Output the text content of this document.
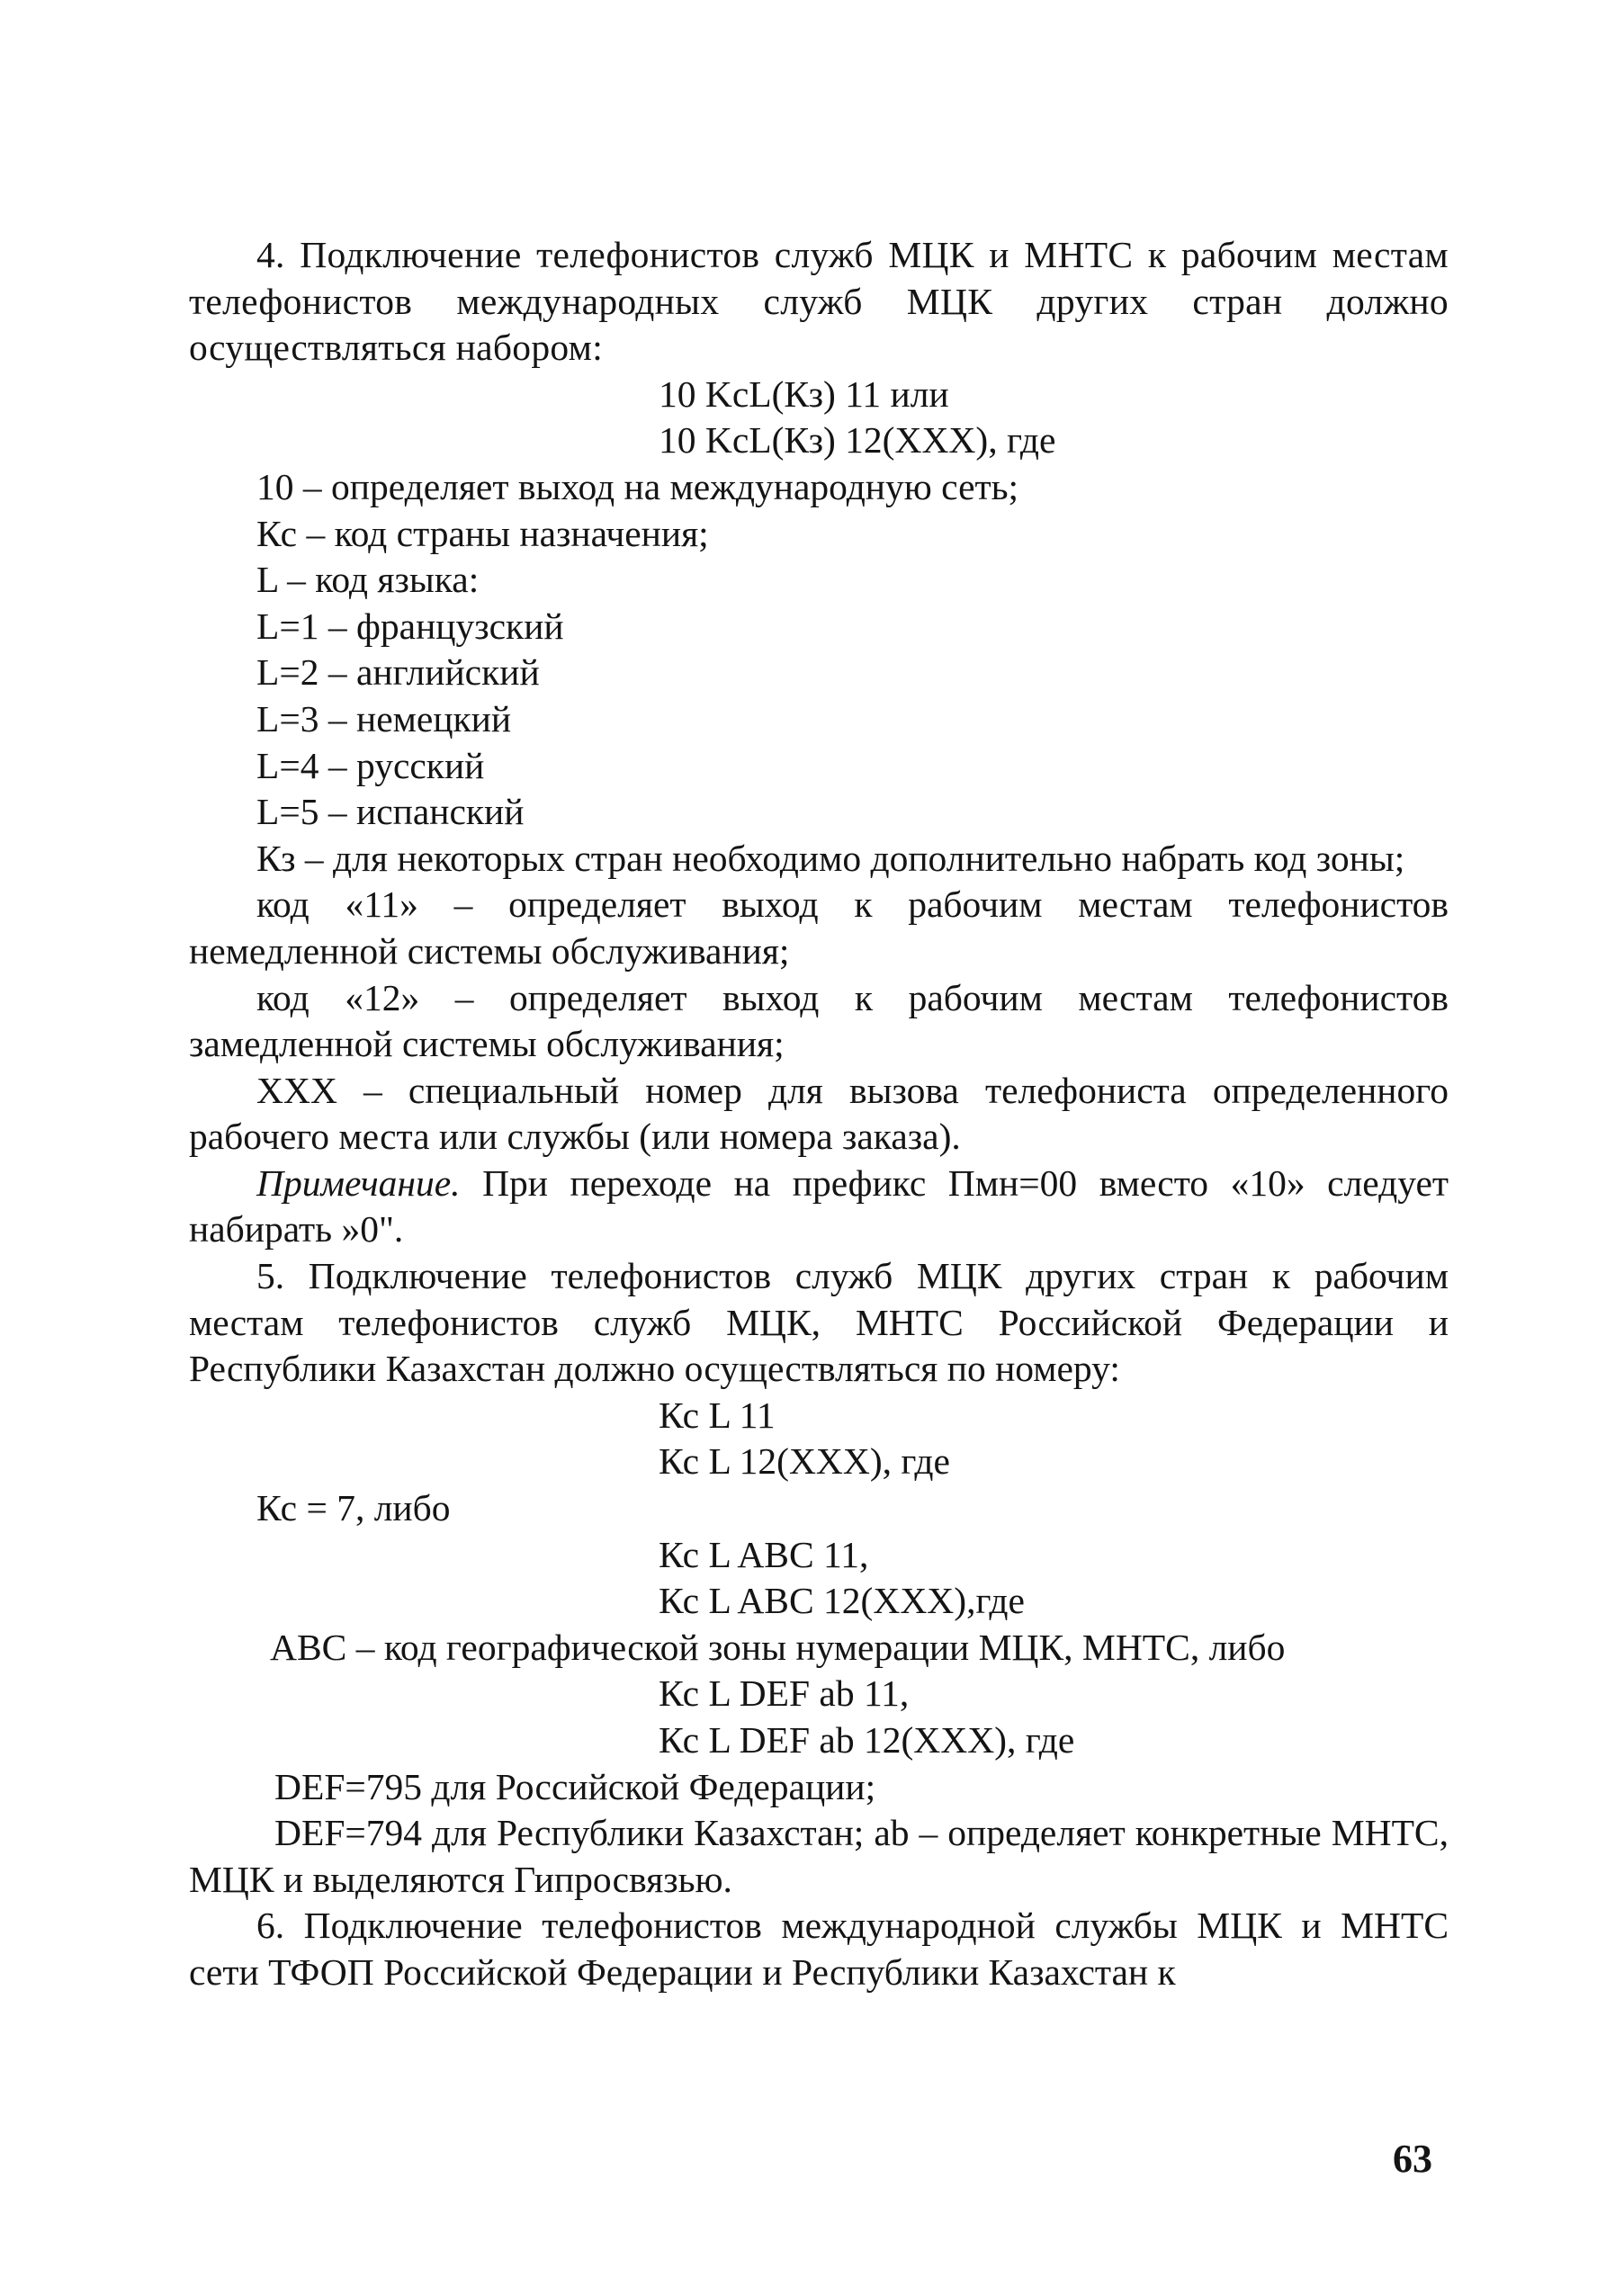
4. Подключение телефонистов служб МЦК и МНТС к рабочим местам телефонистов международных служб МЦК других стран должно осуществляться набором:

10 KcL(Кз) 11 или

10 KcL(Кз) 12(XXX), где

10 – определяет выход на международную сеть;

Кс – код страны назначения;

L – код языка:

L=1 – французский

L=2 – английский

L=3 – немецкий

L=4 – русский

L=5 – испанский

Кз – для некоторых стран необходимо дополнительно набрать код зоны;

код «11» – определяет выход к рабочим местам телефонистов немедленной системы обслуживания;

код «12» – определяет выход к рабочим местам телефонистов замедленной системы обслуживания;

XXX – специальный номер для вызова телефониста определенного рабочего места или службы (или номера заказа).

Примечание. При переходе на префикс Пмн=00 вместо «10» следует набирать »0".

5. Подключение телефонистов служб МЦК других стран к рабочим местам телефонистов служб МЦК, МНТС Российской Федерации и Республики Казахстан должно осуществляться по номеру:

Кс L 11

Кс L 12(XXX), где

Кс = 7, либо

Кс L ABC 11,

Кс L ABC 12(XXX),где

ABC – код географической зоны нумерации МЦК, МНТС, либо

Кс L DEF ab 11,

Кс L DEF ab 12(XXX), где

DEF=795 для Российской Федерации;

DEF=794 для Республики Казахстан; ab – определяет конкретные МНТС, МЦК и выделяются Гипросвязью.

6. Подключение телефонистов международной службы МЦК и МНТС сети ТФОП Российской Федерации и Республики Казахстан к

63
